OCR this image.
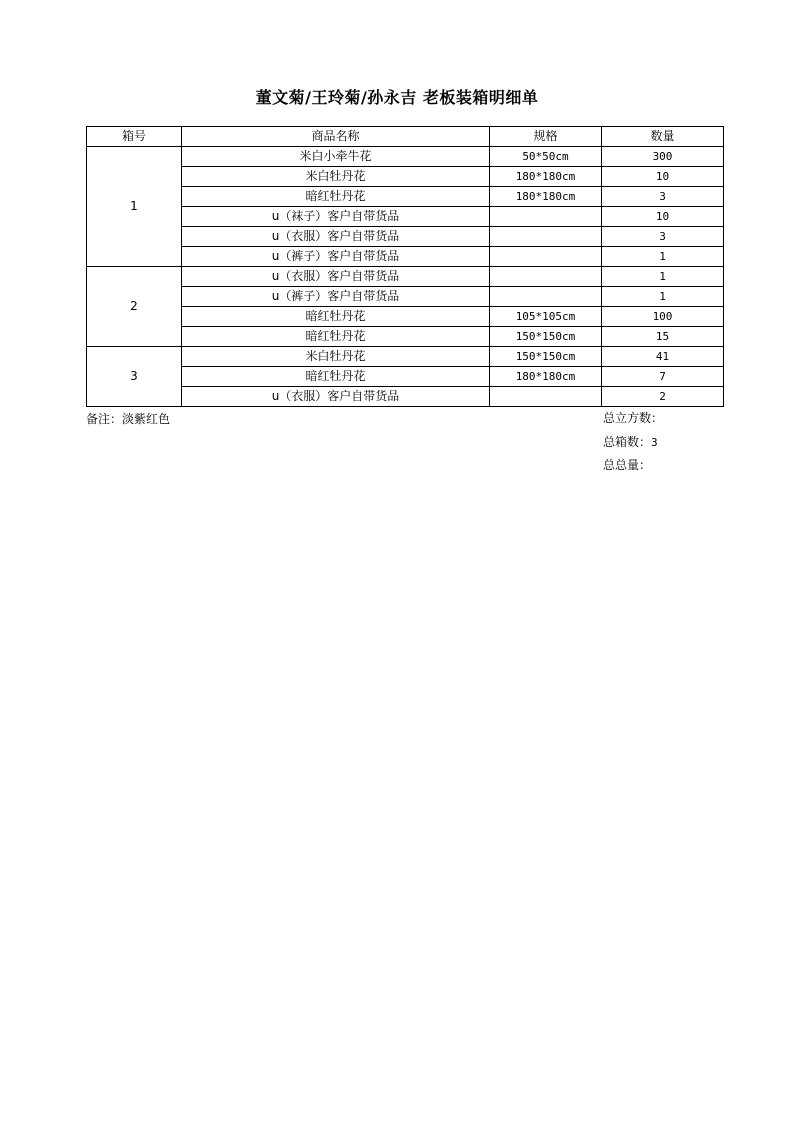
董文菊/王玲菊/孙永吉 老板装箱明细单
箱号	商品名称	规格	数量
1	米白小牵牛花	50*50cm	300
	米白牡丹花	180*180cm	10
	暗红牡丹花	180*180cm	3
	u（袜子）客户自带货品		10
	u（衣服）客户自带货品		3
	u（裤子）客户自带货品		1
2	u（衣服）客户自带货品		1
	u（裤子）客户自带货品		1
	暗红牡丹花	105*105cm	100
	暗红牡丹花	150*150cm	15
3	米白牡丹花	150*150cm	41
	暗红牡丹花	180*180cm	7
	u（衣服）客户自带货品		2
备注：淡紫红色	总立方数：
总箱数：3
总总量：
